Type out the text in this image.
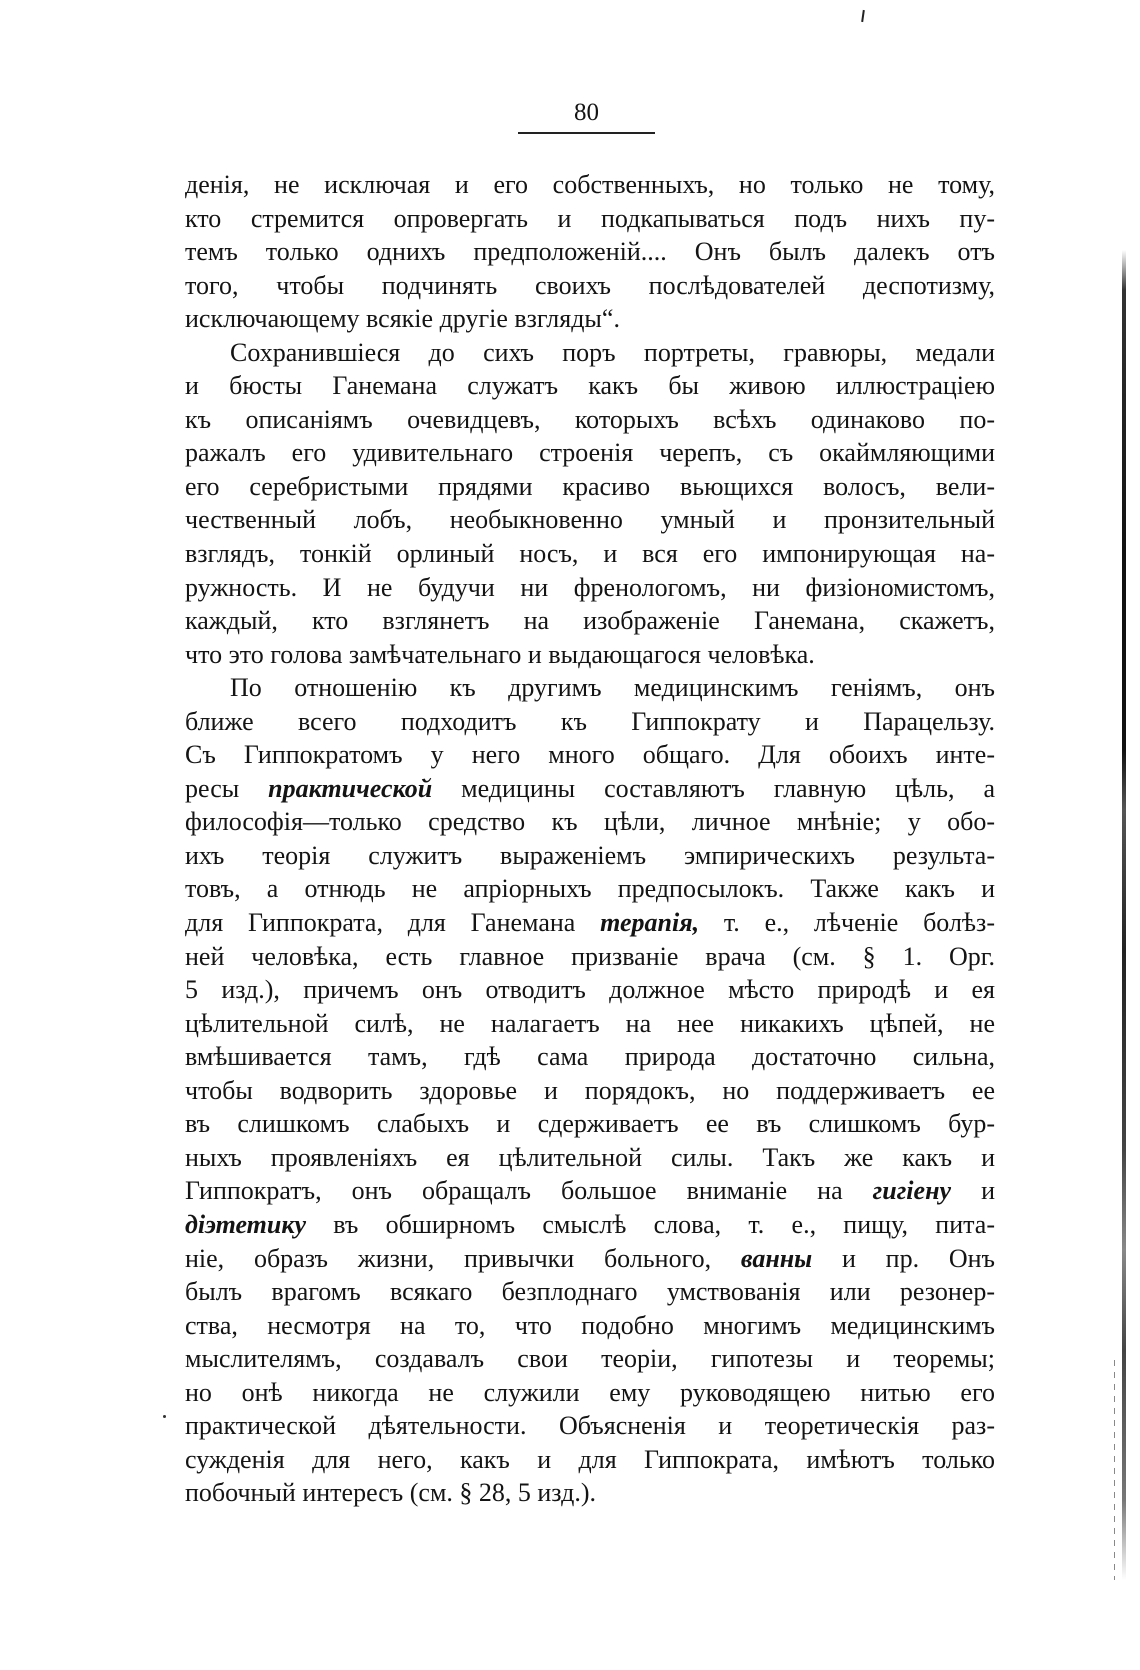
80
денія, не исключая и его собственныхъ, но только не тому,
кто стремится опровергать и подкапываться подъ нихъ пу-
темъ только однихъ предположеній.... Онъ былъ далекъ отъ
того, чтобы подчинять своихъ послѣдователей деспотизму,
исключающему всякіе другіе взгляды“.
Сохранившіеся до сихъ поръ портреты, гравюры, медали
и бюсты Ганемана служатъ какъ бы живою иллюстраціею
къ описаніямъ очевидцевъ, которыхъ всѣхъ одинаково по-
ражалъ его удивительнаго строенія черепъ, съ окаймляющими
его серебристыми прядями красиво вьющихся волосъ, вели-
чественный лобъ, необыкновенно умный и пронзительный
взглядъ, тонкій орлиный носъ, и вся его импонирующая на-
ружность. И не будучи ни френологомъ, ни физіономистомъ,
каждый, кто взглянетъ на изображеніе Ганемана, скажетъ,
что это голова замѣчательнаго и выдающагося человѣка.
По отношенію къ другимъ медицинскимъ геніямъ, онъ
ближе всего подходитъ къ Гиппократу и Парацельзу.
Съ Гиппократомъ у него много общаго. Для обоихъ инте-
ресы практической медицины составляютъ главную цѣль, а
философія—только средство къ цѣли, личное мнѣніе; у обо-
ихъ теорія служитъ выраженіемъ эмпирическихъ результа-
товъ, а отнюдь не апріорныхъ предпосылокъ. Также какъ и
для Гиппократа, для Ганемана терапія, т. е., лѣченіе болѣз-
ней человѣка, есть главное призваніе врача (см. § 1. Орг.
5 изд.), причемъ онъ отводитъ должное мѣсто природѣ и ея
цѣлительной силѣ, не налагаетъ на нее никакихъ цѣпей, не
вмѣшивается тамъ, гдѣ сама природа достаточно сильна,
чтобы водворить здоровье и порядокъ, но поддерживаетъ ее
въ слишкомъ слабыхъ и сдерживаетъ ее въ слишкомъ бур-
ныхъ проявленіяхъ ея цѣлительной силы. Такъ же какъ и
Гиппократъ, онъ обращалъ большое вниманіе на гигіену и
діэтетику въ обширномъ смыслѣ слова, т. е., пищу, пита-
ніе, образъ жизни, привычки больного, ванны и пр. Онъ
былъ врагомъ всякаго безплоднаго умствованія или резонер-
ства, несмотря на то, что подобно многимъ медицинскимъ
мыслителямъ, создавалъ свои теоріи, гипотезы и теоремы;
но онѣ никогда не служили ему руководящею нитью его
практической дѣятельности. Объясненія и теоретическія раз-
сужденія для него, какъ и для Гиппократа, имѣютъ только
побочный интересъ (см. § 28, 5 изд.).
